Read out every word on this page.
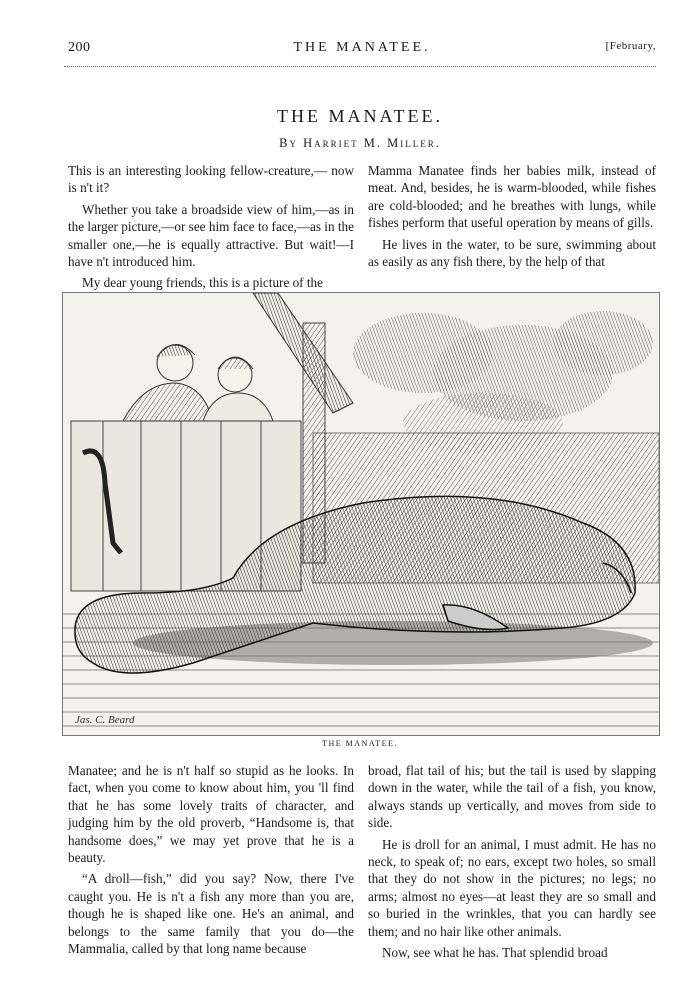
200	THE MANATEE.	[February,
THE MANATEE.
By Harriet M. Miller.

This is an interesting looking fellow-creature,— now is n't it?

Whether you take a broadside view of him,—as in the larger picture,—or see him face to face,—as in the smaller one,—he is equally attractive. But wait!—I have n't introduced him.

My dear young friends, this is a picture of the

Mamma Manatee finds her babies milk, instead of meat. And, besides, he is warm-blooded, while fishes are cold-blooded; and he breathes with lungs, while fishes perform that useful operation by means of gills.

He lives in the water, to be sure, swimming about as easily as any fish there, by the help of that

Jas. C. Beard
THE MANATEE.

Manatee; and he is n't half so stupid as he looks. In fact, when you come to know about him, you 'll find that he has some lovely traits of character, and judging him by the old proverb, “Handsome is, that handsome does,” we may yet prove that he is a beauty.

“A droll—fish,” did you say? Now, there I've caught you. He is n't a fish any more than you are, though he is shaped like one. He's an animal, and belongs to the same family that you do—the Mammalia, called by that long name because

broad, flat tail of his; but the tail is used by slapping down in the water, while the tail of a fish, you know, always stands up vertically, and moves from side to side.

He is droll for an animal, I must admit. He has no neck, to speak of; no ears, except two holes, so small that they do not show in the pictures; no legs; no arms; almost no eyes—at least they are so small and so buried in the wrinkles, that you can hardly see them; and no hair like other animals.

Now, see what he has. That splendid broad
